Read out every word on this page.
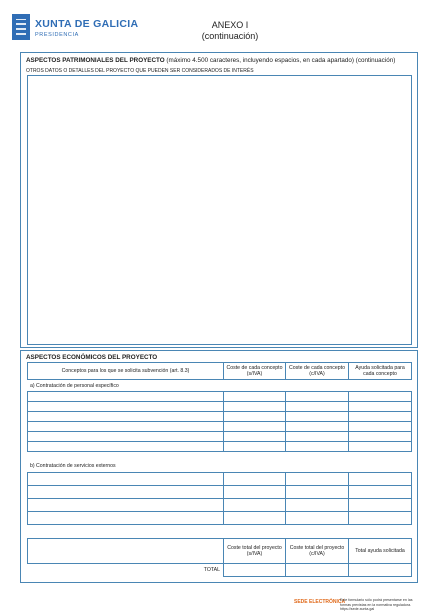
XUNTA DE GALICIA
PRESIDENCIA
ANEXO I
(continuación)
ASPECTOS PATRIMONIALES DEL PROYECTO (máximo 4.500 caracteres, incluyendo espacios, en cada apartado) (continuación)
OTROS DATOS O DETALLES DEL PROYECTO QUE PUEDEN SER CONSIDERADOS DE INTERÉS
ASPECTOS ECONÓMICOS DEL PROYECTO
Conceptos para los que se solicita subvención (art. 8.3)	Coste de cada concepto (s/IVA)
Coste de cada concepto (c/IVA)
Ayuda solicitada para cada concepto
a) Contratación de personal específico
b) Contratación de servicios externos
Coste total del proyecto (s/IVA)
Coste total del proyecto (c/IVA)	Total ayuda solicitada
TOTAL
SEDE ELECTRÓNICA
Este formulario sólo podrá presentarse en las
formas previstas en la normativa reguladora.
https://sede.xunta.gal
